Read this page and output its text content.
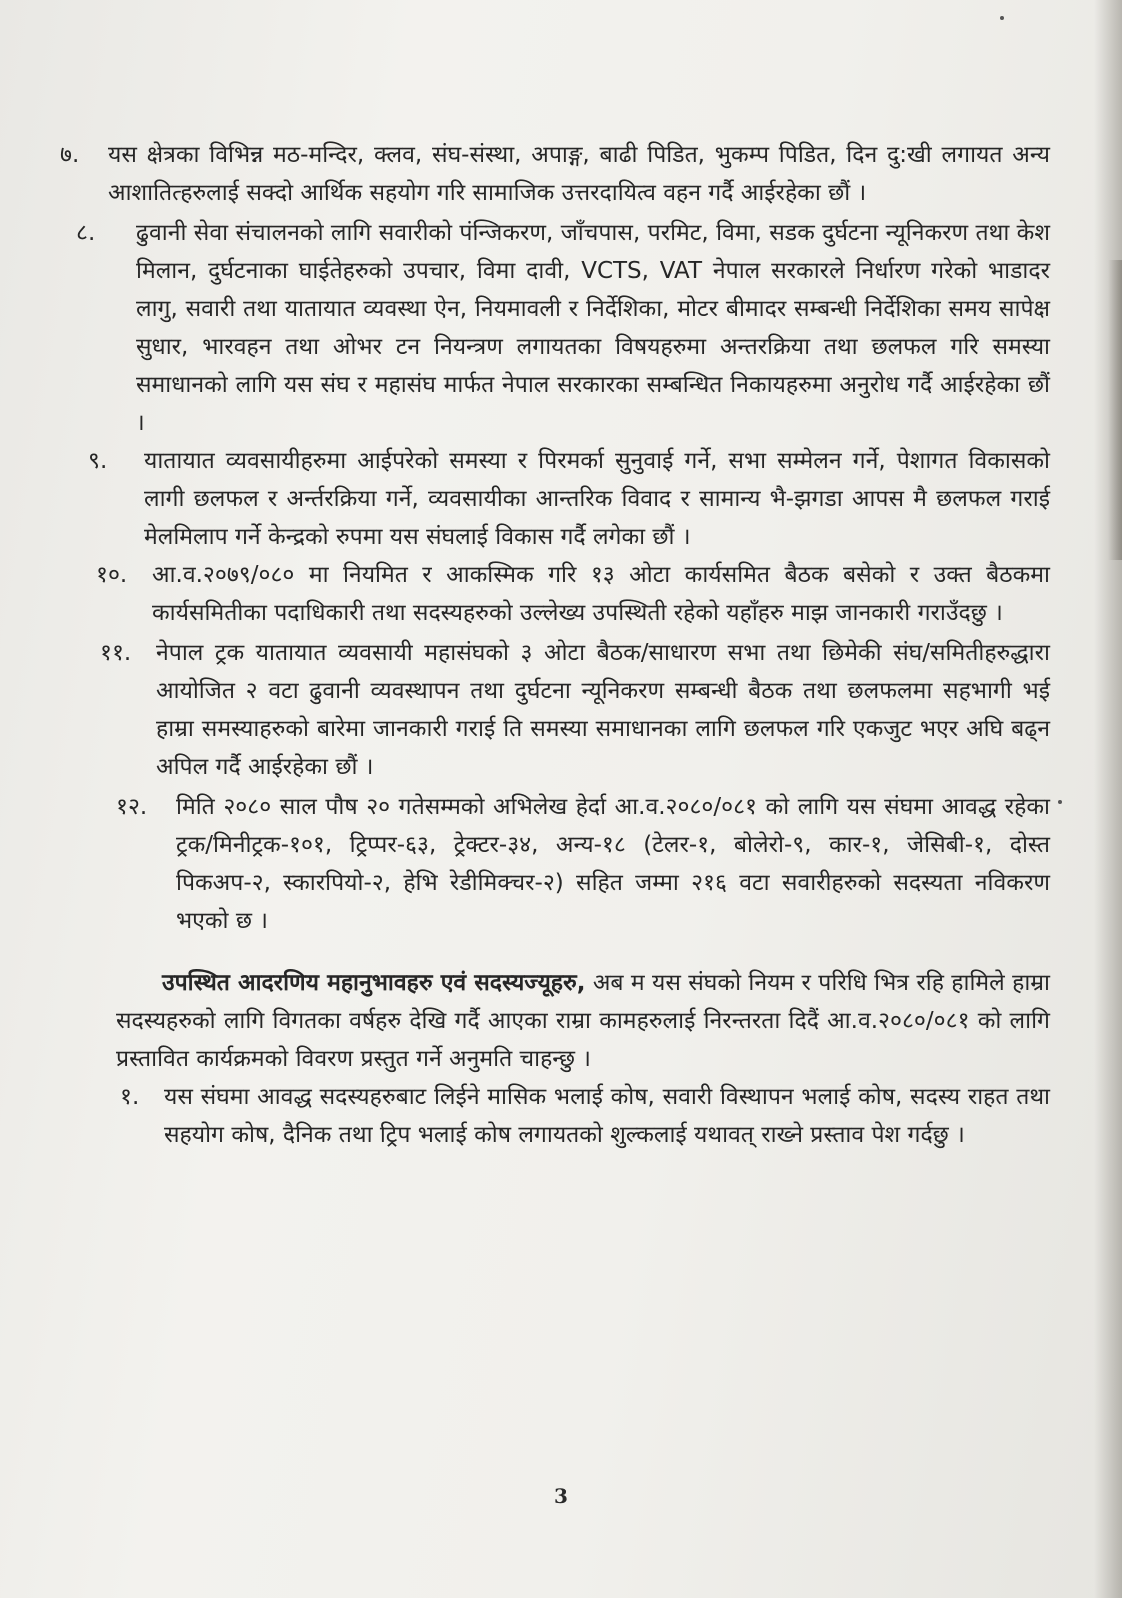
७. यस क्षेत्रका विभिन्न मठ-मन्दिर, क्लव, संघ-संस्था, अपाङ्ग, बाढी पिडित, भुकम्प पिडित, दिन दु:खी लगायत अन्य आशातित्हरुलाई सक्दो आर्थिक सहयोग गरि सामाजिक उत्तरदायित्व वहन गर्दै आईरहेका छौं ।
८. ढुवानी सेवा संचालनको लागि सवारीको पंन्जिकरण, जाँचपास, परमिट, विमा, सडक दुर्घटना न्यूनिकरण तथा केश मिलान, दुर्घटनाका घाईतेहरुको उपचार, विमा दावी, VCTS, VAT नेपाल सरकारले निर्धारण गरेको भाडादर लागु, सवारी तथा यातायात व्यवस्था ऐन, नियमावली र निर्देशिका, मोटर बीमादर सम्बन्धी निर्देशिका समय सापेक्ष सुधार, भारवहन तथा ओभर टन नियन्त्रण लगायतका विषयहरुमा अन्तरक्रिया तथा छलफल गरि समस्या समाधानको लागि यस संघ र महासंघ मार्फत नेपाल सरकारका सम्बन्धित निकायहरुमा अनुरोध गर्दै आईरहेका छौं ।
९. यातायात व्यवसायीहरुमा आईपरेको समस्या र पिरमर्का सुनुवाई गर्ने, सभा सम्मेलन गर्ने, पेशागत विकासको लागी छलफल र अर्न्तरक्रिया गर्ने, व्यवसायीका आन्तरिक विवाद र सामान्य भै-झगडा आपस मै छलफल गराई मेलमिलाप गर्ने केन्द्रको रुपमा यस संघलाई विकास गर्दै लगेका छौं ।
१०. आ.व.२०७९/०८० मा नियमित र आकस्मिक गरि १३ ओटा कार्यसमित बैठक बसेको र उक्त बैठकमा कार्यसमितीका पदाधिकारी तथा सदस्यहरुको उल्लेख्य उपस्थिती रहेको यहाँहरु माझ जानकारी गराउँदछु ।
११. नेपाल ट्रक यातायात व्यवसायी महासंघको ३ ओटा बैठक/साधारण सभा तथा छिमेकी संघ/समितीहरुद्धारा आयोजित २ वटा ढुवानी व्यवस्थापन तथा दुर्घटना न्यूनिकरण सम्बन्धी बैठक तथा छलफलमा सहभागी भई हाम्रा समस्याहरुको बारेमा जानकारी गराई ति समस्या समाधानका लागि छलफल गरि एकजुट भएर अघि बढ्न अपिल गर्दै आईरहेका छौं ।
१२. मिति २०८० साल पौष २० गतेसम्मको अभिलेख हेर्दा आ.व.२०८०/०८१ को लागि यस संघमा आवद्ध रहेका ट्रक/मिनीट्रक-१०१, ट्रिप्पर-६३, ट्रेक्टर-३४, अन्य-१८ (टेलर-१, बोलेरो-९, कार-१, जेसिबी-१, दोस्त पिकअप-२, स्कारपियो-२, हेभि रेडीमिक्चर-२) सहित जम्मा २१६ वटा सवारीहरुको सदस्यता नविकरण भएको छ ।

उपस्थित आदरणिय महानुभावहरु एवं सदस्यज्यूहरु, अब म यस संघको नियम र परिधि भित्र रहि हामिले हाम्रा सदस्यहरुको लागि विगतका वर्षहरु देखि गर्दै आएका राम्रा कामहरुलाई निरन्तरता दिदैं आ.व.२०८०/०८१ को लागि प्रस्तावित कार्यक्रमको विवरण प्रस्तुत गर्ने अनुमति चाहन्छु ।

१. यस संघमा आवद्ध सदस्यहरुबाट लिईने मासिक भलाई कोष, सवारी विस्थापन भलाई कोष, सदस्य राहत तथा सहयोग कोष, दैनिक तथा ट्रिप भलाई कोष लगायतको शुल्कलाई यथावत् राख्ने प्रस्ताव पेश गर्दछु ।
3
